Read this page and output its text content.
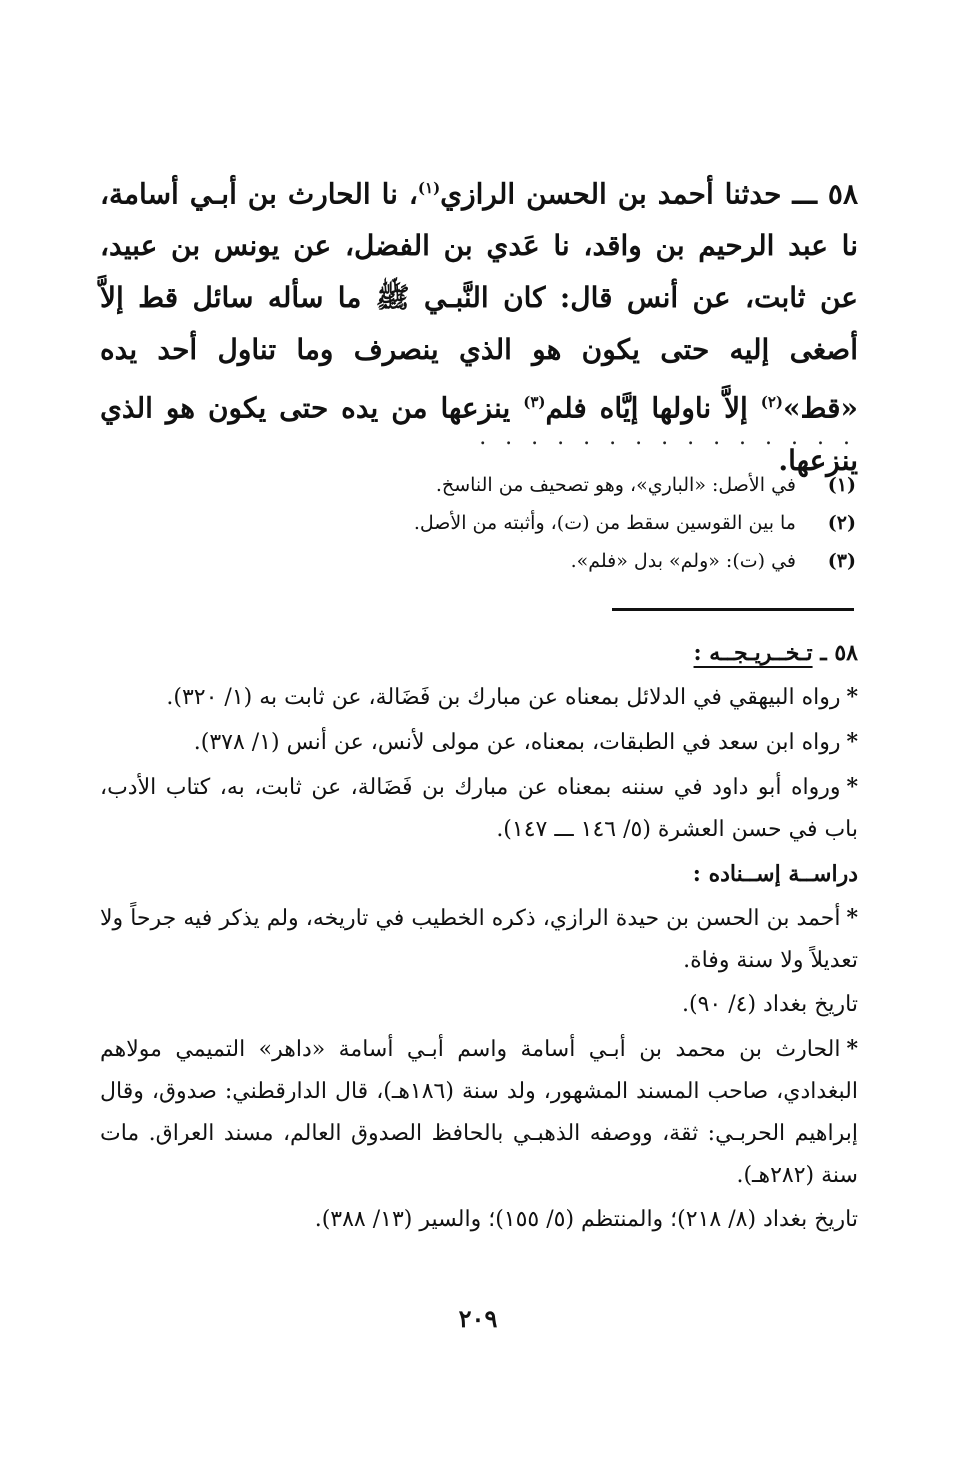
٥٨ ـــ حدثنا أحمد بن الحسن الرازي$^{(١)}$، نا الحارث بن أبـي أسامة، نا عبد الرحيم بن واقد، نا عَدي بن الفضل، عن يونس بن عبيد، عن ثابت، عن أنس قال: كان النَّبـي ﷺ ما سأله سائل قط إلاَّ أصغى إليه حتى يكون هو الذي ينصرف وما تناول أحد يده «قط»$^{(٢)}$ إلاَّ ناولها إيَّاه فلم$^{(٣)}$ ينزعها من يده حتى يكون هو الذي ينزعها.

. . . . . . . . . . . . . . .
(١)
في الأصل: «الباري»، وهو تصحيف من الناسخ.
(٢)
ما بين القوسين سقط من (ت)، وأثبته من الأصل.
(٣)
في (ت): «ولم» بدل «فلم».

٥٨ ـ تـخــريـجــه :

*رواه البيهقي في الدلائل بمعناه عن مبارك بن فَضَالة، عن ثابت به (١/ ٣٢٠).

*رواه ابن سعد في الطبقات، بمعناه، عن مولى لأنس، عن أنس (١/ ٣٧٨).

*ورواه أبو داود في سننه بمعناه عن مبارك بن فَضَالة، عن ثابت، به، كتاب الأدب، باب في حسن العشرة (٥/ ١٤٦ ـــ ١٤٧).

دراســة إســناده :

*أحمد بن الحسن بن حيدة الرازي، ذكره الخطيب في تاريخه، ولم يذكر فيه جرحاً ولا تعديلاً ولا سنة وفاة.

تاريخ بغداد (٤/ ٩٠).

*الحارث بن محمد بن أبـي أسامة واسم أبـي أسامة «داهر» التميمي مولاهم البغدادي، صاحب المسند المشهور، ولد سنة (١٨٦هـ)، قال الدارقطني: صدوق، وقال إبراهيم الحربـي: ثقة، ووصفه الذهبـي بالحافظ الصدوق العالم، مسند العراق. مات سنة (٢٨٢هـ).

تاريخ بغداد (٨/ ٢١٨)؛ والمنتظم (٥/ ١٥٥)؛ والسير (١٣/ ٣٨٨).

٢٠٩
